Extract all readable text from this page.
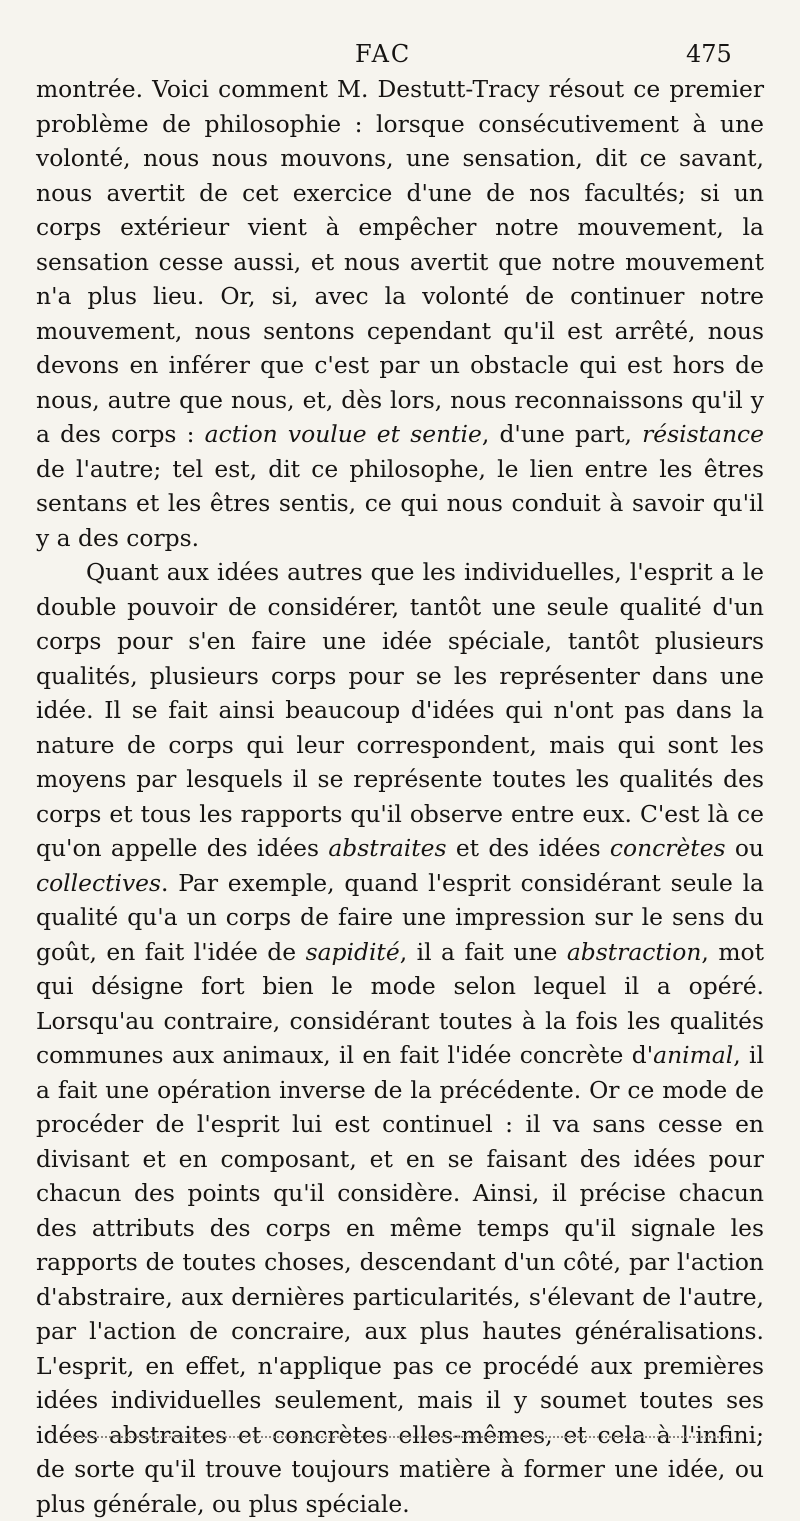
FAC	475

montrée. Voici comment M. Destutt-Tracy résout ce premier problème de philosophie : lorsque consécutivement à une volonté, nous nous mouvons, une sensation, dit ce savant, nous avertit de cet exercice d'une de nos facultés; si un corps extérieur vient à empêcher notre mouvement, la sensation cesse aussi, et nous avertit que notre mouvement n'a plus lieu. Or, si, avec la volonté de continuer notre mouvement, nous sentons cependant qu'il est arrêté, nous devons en inférer que c'est par un obstacle qui est hors de nous, autre que nous, et, dès lors, nous reconnaissons qu'il y a des corps : action voulue et sentie, d'une part, résistance de l'autre; tel est, dit ce philosophe, le lien entre les êtres sentans et les êtres sentis, ce qui nous conduit à savoir qu'il y a des corps.

Quant aux idées autres que les individuelles, l'esprit a le double pouvoir de considérer, tantôt une seule qualité d'un corps pour s'en faire une idée spéciale, tantôt plusieurs qualités, plusieurs corps pour se les représenter dans une idée. Il se fait ainsi beaucoup d'idées qui n'ont pas dans la nature de corps qui leur correspondent, mais qui sont les moyens par lesquels il se représente toutes les qualités des corps et tous les rapports qu'il observe entre eux. C'est là ce qu'on appelle des idées abstraites et des idées concrètes ou collectives. Par exemple, quand l'esprit considérant seule la qualité qu'a un corps de faire une impression sur le sens du goût, en fait l'idée de sapidité, il a fait une abstraction, mot qui désigne fort bien le mode selon lequel il a opéré. Lorsqu'au contraire, considérant toutes à la fois les qualités communes aux animaux, il en fait l'idée concrète d'animal, il a fait une opération inverse de la précédente. Or ce mode de procéder de l'esprit lui est continuel : il va sans cesse en divisant et en composant, et en se faisant des idées pour chacun des points qu'il considère. Ainsi, il précise chacun des attributs des corps en même temps qu'il signale les rapports de toutes choses, descendant d'un côté, par l'action d'abstraire, aux dernières particularités, s'élevant de l'autre, par l'action de concraire, aux plus hautes généralisations. L'esprit, en effet, n'applique pas ce procédé aux premières idées individuelles seulement, mais il y soumet toutes ses idées abstraites et concrètes elles-mêmes, et cela à l'infini; de sorte qu'il trouve toujours matière à former une idée, ou plus générale, ou plus spéciale.
